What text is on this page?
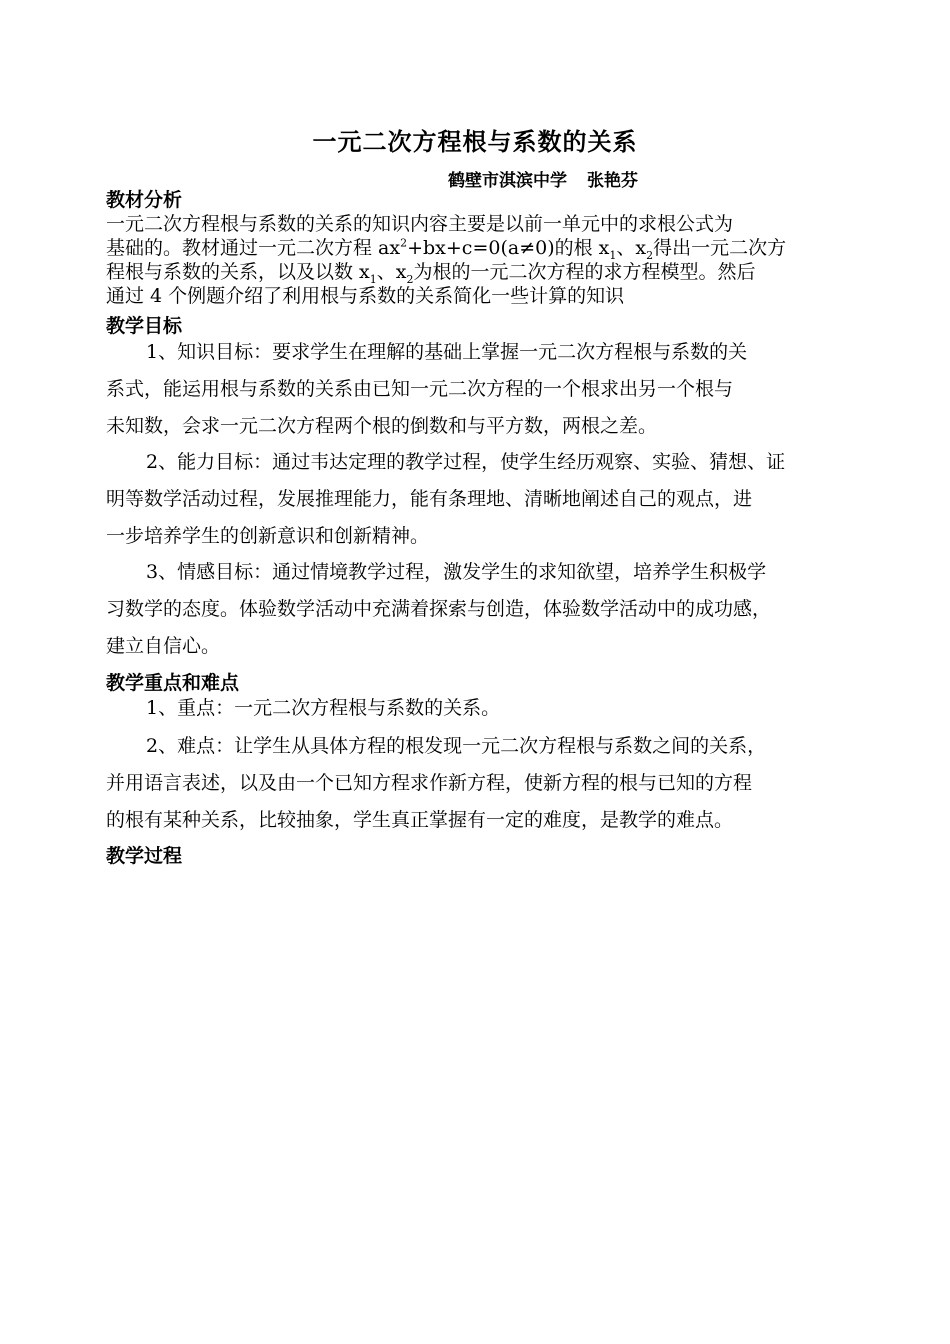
一元二次方程根与系数的关系
鹤壁市淇滨中学 张艳芬
教材分析
一元二次方程根与系数的关系的知识内容主要是以前一单元中的求根公式为
基础的。教材通过一元二次方程 $ax^2+bx+c=0(a\ne 0)$的根 $x_1$、$x_2$得出一元二次方
程根与系数的关系，以及以数 $x_1$、$x_2$为根的一元二次方程的求方程模型。然后
通过 4 个例题介绍了利用根与系数的关系简化一些计算的知识
教学目标
1、知识目标：要求学生在理解的基础上掌握一元二次方程根与系数的关
系式，能运用根与系数的关系由已知一元二次方程的一个根求出另一个根与
未知数，会求一元二次方程两个根的倒数和与平方数，两根之差。
2、能力目标：通过韦达定理的教学过程，使学生经历观察、实验、猜想、证
明等数学活动过程，发展推理能力，能有条理地、清晰地阐述自己的观点，进
一步培养学生的创新意识和创新精神。
3、情感目标：通过情境教学过程，激发学生的求知欲望，培养学生积极学
习数学的态度。体验数学活动中充满着探索与创造，体验数学活动中的成功感，
建立自信心。
教学重点和难点
1、重点：一元二次方程根与系数的关系。
2、难点：让学生从具体方程的根发现一元二次方程根与系数之间的关系，
并用语言表述，以及由一个已知方程求作新方程，使新方程的根与已知的方程
的根有某种关系，比较抽象，学生真正掌握有一定的难度，是教学的难点。
教学过程
